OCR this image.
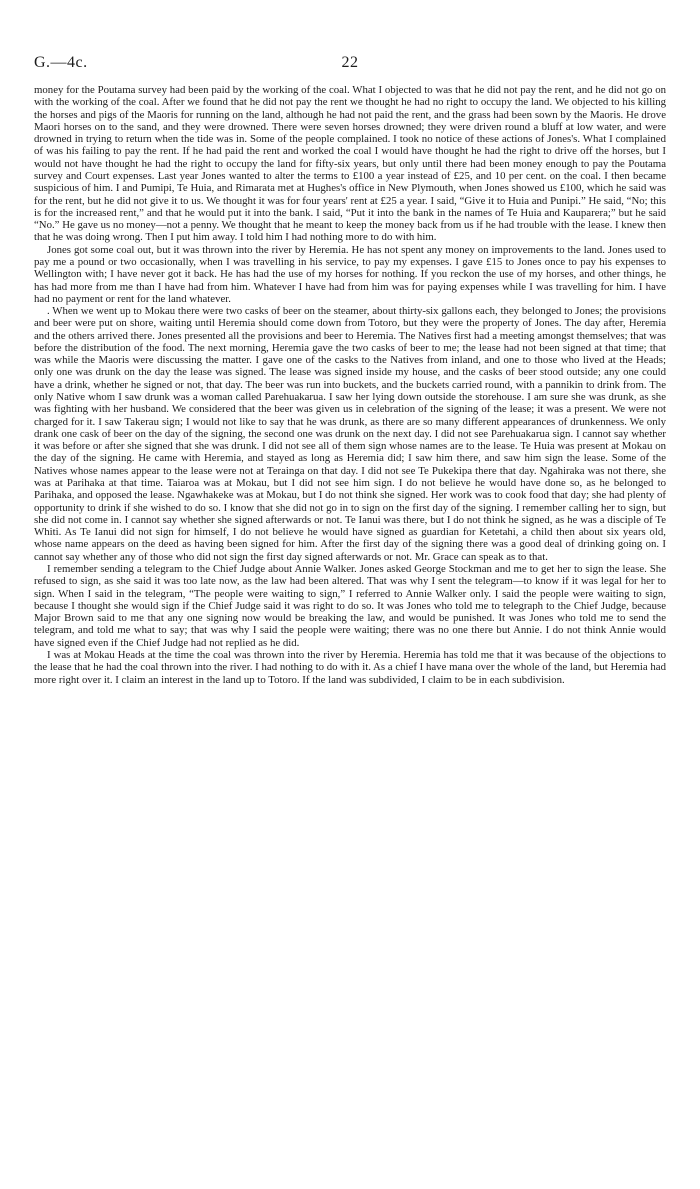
G.—4c.	22

money for the Poutama survey had been paid by the working of the coal. What I objected to was that he did not pay the rent, and he did not go on with the working of the coal. After we found that he did not pay the rent we thought he had no right to occupy the land. We objected to his killing the horses and pigs of the Maoris for running on the land, although he had not paid the rent, and the grass had been sown by the Maoris. He drove Maori horses on to the sand, and they were drowned. There were seven horses drowned; they were driven round a bluff at low water, and were drowned in trying to return when the tide was in. Some of the people complained. I took no notice of these actions of Jones's. What I complained of was his failing to pay the rent. If he had paid the rent and worked the coal I would have thought he had the right to drive off the horses, but I would not have thought he had the right to occupy the land for fifty-six years, but only until there had been money enough to pay the Poutama survey and Court expenses. Last year Jones wanted to alter the terms to £100 a year instead of £25, and 10 per cent. on the coal. I then became suspicious of him. I and Pumipi, Te Huia, and Rimarata met at Hughes's office in New Plymouth, when Jones showed us £100, which he said was for the rent, but he did not give it to us. We thought it was for four years' rent at £25 a year. I said, “Give it to Huia and Punipi.” He said, “No; this is for the increased rent,” and that he would put it into the bank. I said, “Put it into the bank in the names of Te Huia and Kauparera;” but he said “No.” He gave us no money—not a penny. We thought that he meant to keep the money back from us if he had trouble with the lease. I knew then that he was doing wrong. Then I put him away. I told him I had nothing more to do with him.

Jones got some coal out, but it was thrown into the river by Heremia. He has not spent any money on improvements to the land. Jones used to pay me a pound or two occasionally, when I was travelling in his service, to pay my expenses. I gave £15 to Jones once to pay his expenses to Wellington with; I have never got it back. He has had the use of my horses for nothing. If you reckon the use of my horses, and other things, he has had more from me than I have had from him. Whatever I have had from him was for paying expenses while I was travelling for him. I have had no payment or rent for the land whatever.

. When we went up to Mokau there were two casks of beer on the steamer, about thirty-six gallons each, they belonged to Jones; the provisions and beer were put on shore, waiting until Heremia should come down from Totoro, but they were the property of Jones. The day after, Heremia and the others arrived there. Jones presented all the provisions and beer to Heremia. The Natives first had a meeting amongst themselves; that was before the distribution of the food. The next morning, Heremia gave the two casks of beer to me; the lease had not been signed at that time; that was while the Maoris were discussing the matter. I gave one of the casks to the Natives from inland, and one to those who lived at the Heads; only one was drunk on the day the lease was signed. The lease was signed inside my house, and the casks of beer stood outside; any one could have a drink, whether he signed or not, that day. The beer was run into buckets, and the buckets carried round, with a pannikin to drink from. The only Native whom I saw drunk was a woman called Parehuakarua. I saw her lying down outside the storehouse. I am sure she was drunk, as she was fighting with her husband. We considered that the beer was given us in celebration of the signing of the lease; it was a present. We were not charged for it. I saw Takerau sign; I would not like to say that he was drunk, as there are so many different appearances of drunkenness. We only drank one cask of beer on the day of the signing, the second one was drunk on the next day. I did not see Parehuakarua sign. I cannot say whether it was before or after she signed that she was drunk. I did not see all of them sign whose names are to the lease. Te Huia was present at Mokau on the day of the signing. He came with Heremia, and stayed as long as Heremia did; I saw him there, and saw him sign the lease. Some of the Natives whose names appear to the lease were not at Terainga on that day. I did not see Te Pukekipa there that day. Ngahiraka was not there, she was at Parihaka at that time. Taiaroa was at Mokau, but I did not see him sign. I do not believe he would have done so, as he belonged to Parihaka, and opposed the lease. Ngawhakeke was at Mokau, but I do not think she signed. Her work was to cook food that day; she had plenty of opportunity to drink if she wished to do so. I know that she did not go in to sign on the first day of the signing. I remember calling her to sign, but she did not come in. I cannot say whether she signed afterwards or not. Te Ianui was there, but I do not think he signed, as he was a disciple of Te Whiti. As Te Ianui did not sign for himself, I do not believe he would have signed as guardian for Ketetahi, a child then about six years old, whose name appears on the deed as having been signed for him. After the first day of the signing there was a good deal of drinking going on. I cannot say whether any of those who did not sign the first day signed afterwards or not. Mr. Grace can speak as to that.

I remember sending a telegram to the Chief Judge about Annie Walker. Jones asked George Stockman and me to get her to sign the lease. She refused to sign, as she said it was too late now, as the law had been altered. That was why I sent the telegram—to know if it was legal for her to sign. When I said in the telegram, “The people were waiting to sign,” I referred to Annie Walker only. I said the people were waiting to sign, because I thought she would sign if the Chief Judge said it was right to do so. It was Jones who told me to telegraph to the Chief Judge, because Major Brown said to me that any one signing now would be breaking the law, and would be punished. It was Jones who told me to send the telegram, and told me what to say; that was why I said the people were waiting; there was no one there but Annie. I do not think Annie would have signed even if the Chief Judge had not replied as he did.

I was at Mokau Heads at the time the coal was thrown into the river by Heremia. Heremia has told me that it was because of the objections to the lease that he had the coal thrown into the river. I had nothing to do with it. As a chief I have mana over the whole of the land, but Heremia had more right over it. I claim an interest in the land up to Totoro. If the land was subdivided, I claim to be in each subdivision.
